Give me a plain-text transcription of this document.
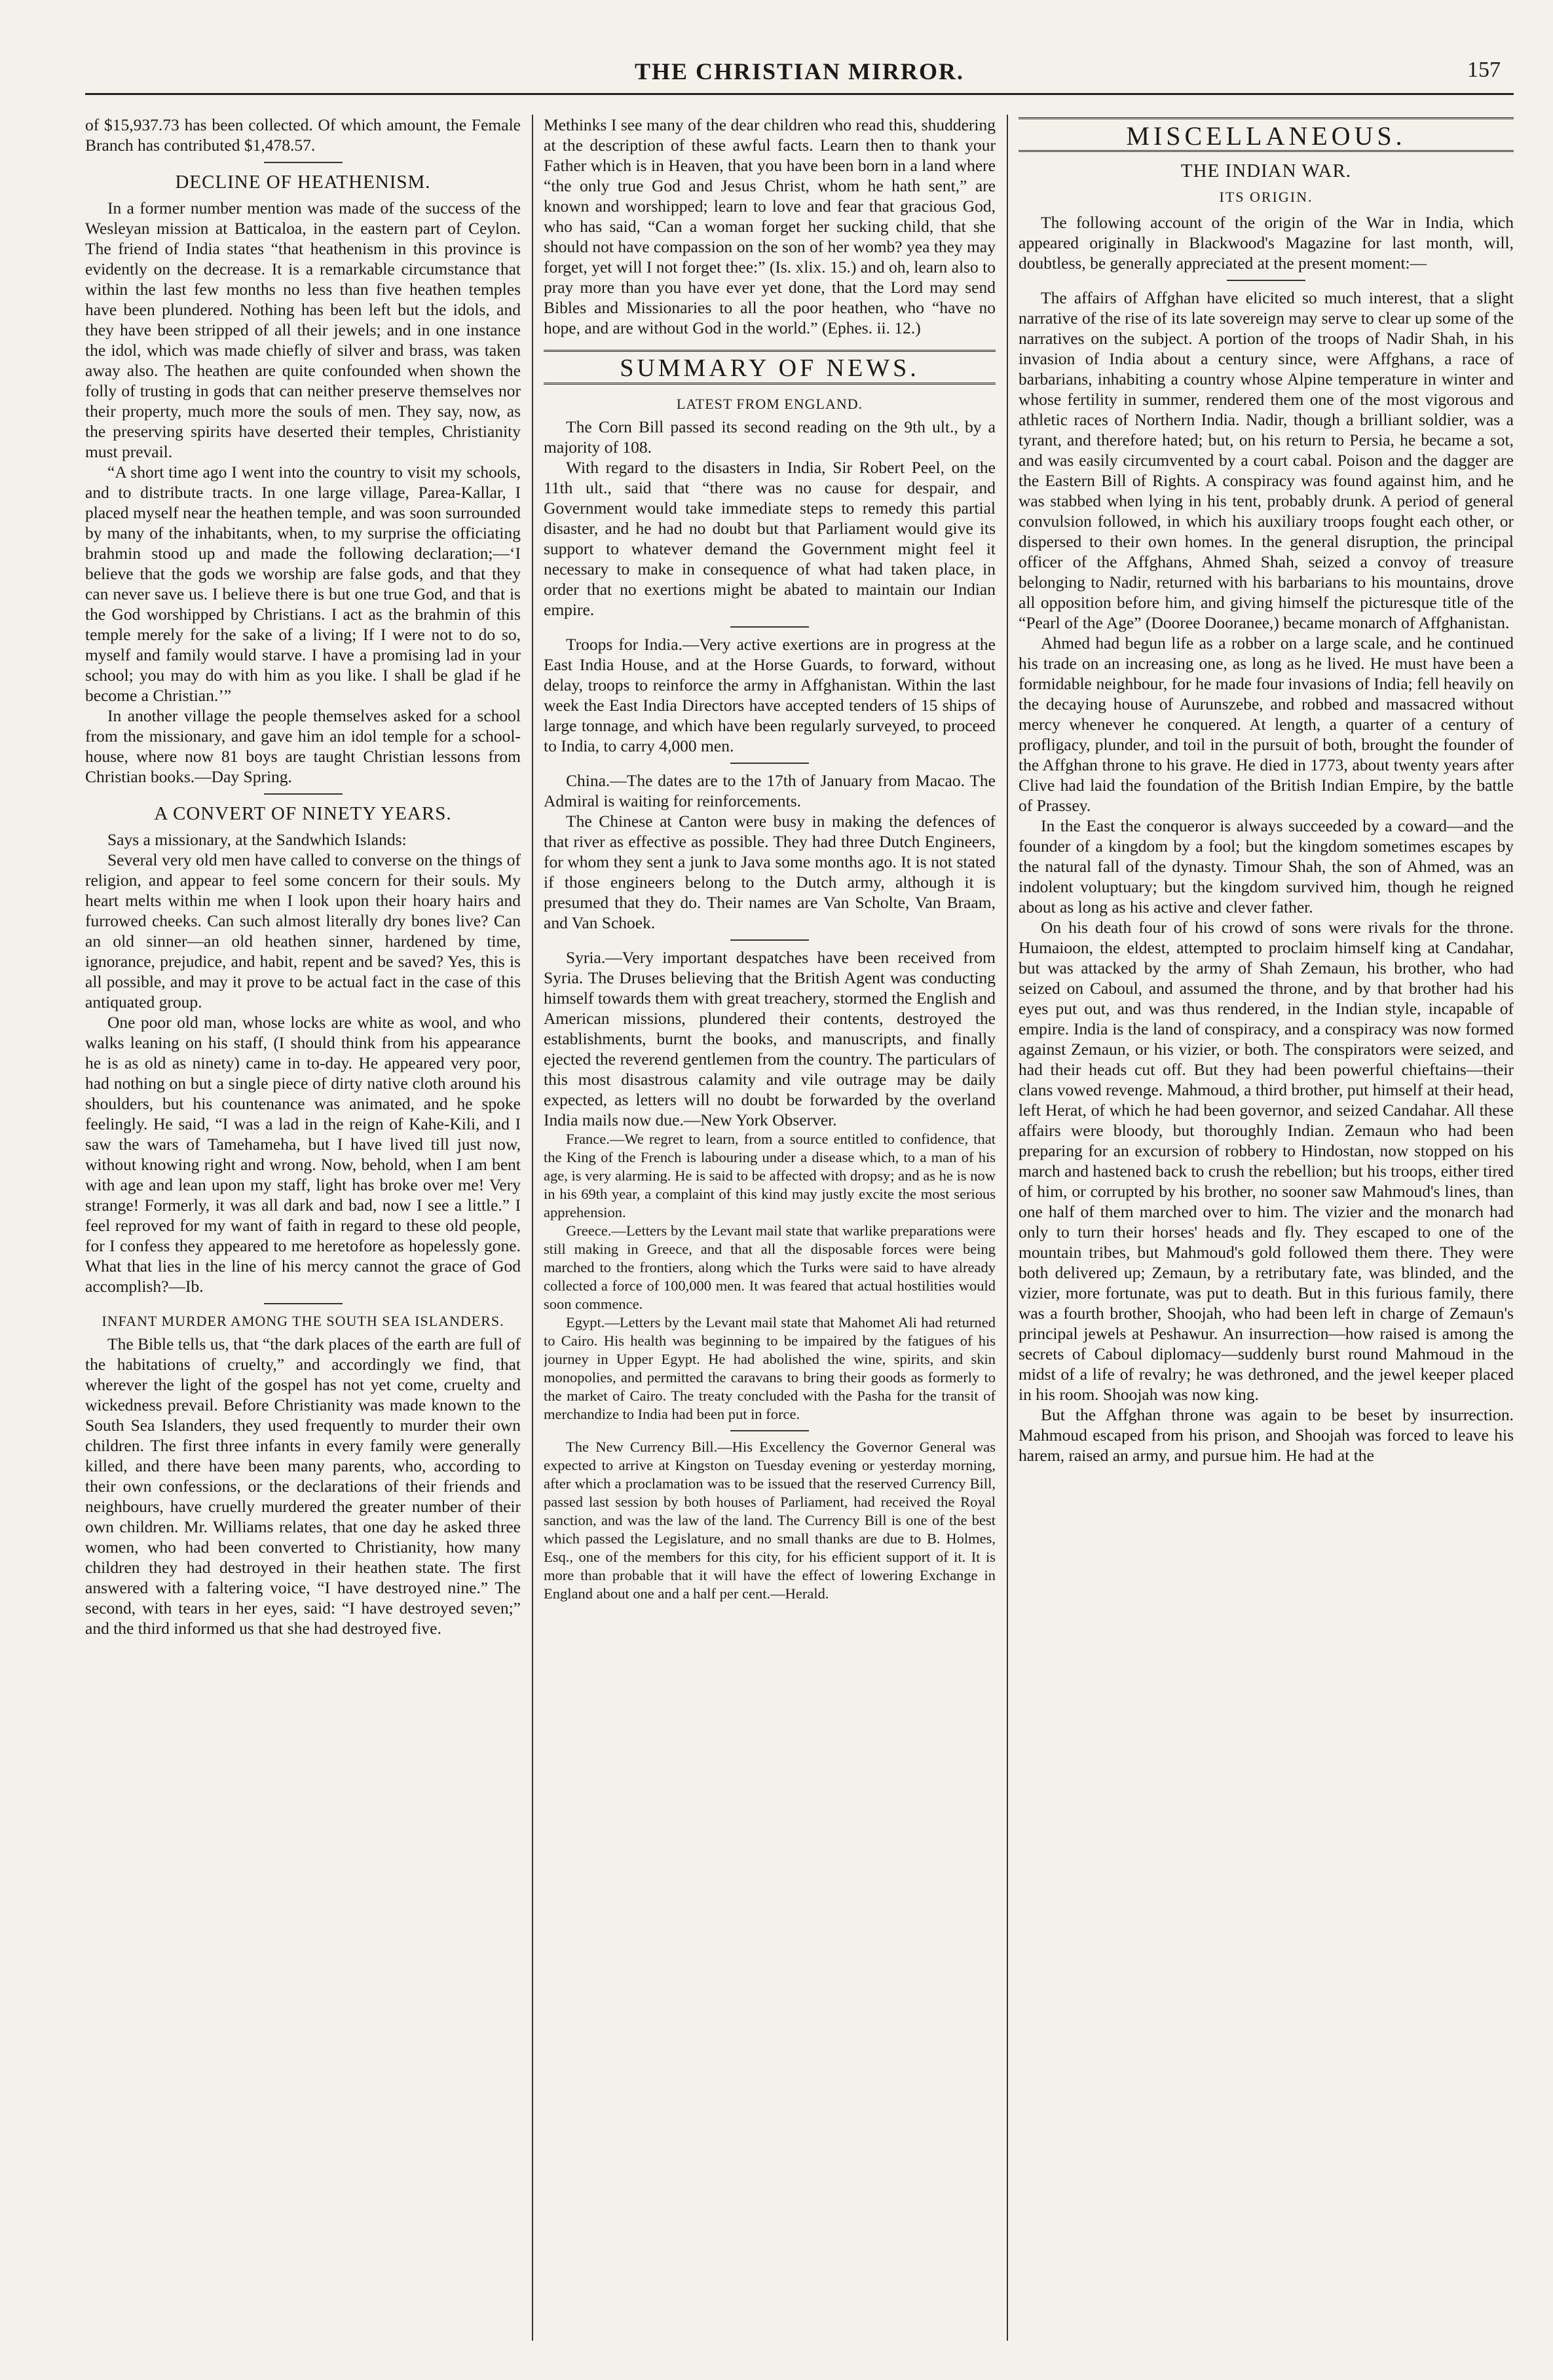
THE CHRISTIAN MIRROR.	157

of $15,937.73 has been collected. Of which amount, the Female Branch has contributed $1,478.57.

DECLINE OF HEATHENISM.

In a former number mention was made of the success of the Wesleyan mission at Batticaloa, in the eastern part of Ceylon. The friend of India states “that heathenism in this province is evidently on the decrease. It is a remarkable circumstance that within the last few months no less than five heathen temples have been plundered. Nothing has been left but the idols, and they have been stripped of all their jewels; and in one instance the idol, which was made chiefly of silver and brass, was taken away also. The heathen are quite confounded when shown the folly of trusting in gods that can neither preserve themselves nor their property, much more the souls of men. They say, now, as the preserving spirits have deserted their temples, Christianity must prevail.

“A short time ago I went into the country to visit my schools, and to distribute tracts. In one large village, Parea-Kallar, I placed myself near the heathen temple, and was soon surrounded by many of the inhabitants, when, to my surprise the officiating brahmin stood up and made the following declaration;—‘I believe that the gods we worship are false gods, and that they can never save us. I believe there is but one true God, and that is the God worshipped by Christians. I act as the brahmin of this temple merely for the sake of a living; If I were not to do so, myself and family would starve. I have a promising lad in your school; you may do with him as you like. I shall be glad if he become a Christian.’”

In another village the people themselves asked for a school from the missionary, and gave him an idol temple for a school-house, where now 81 boys are taught Christian lessons from Christian books.—Day Spring.

A CONVERT OF NINETY YEARS.

Says a missionary, at the Sandwhich Islands:

Several very old men have called to converse on the things of religion, and appear to feel some concern for their souls. My heart melts within me when I look upon their hoary hairs and furrowed cheeks. Can such almost literally dry bones live? Can an old sinner—an old heathen sinner, hardened by time, ignorance, prejudice, and habit, repent and be saved? Yes, this is all possible, and may it prove to be actual fact in the case of this antiquated group.

One poor old man, whose locks are white as wool, and who walks leaning on his staff, (I should think from his appearance he is as old as ninety) came in to-day. He appeared very poor, had nothing on but a single piece of dirty native cloth around his shoulders, but his countenance was animated, and he spoke feelingly. He said, “I was a lad in the reign of Kahe-Kili, and I saw the wars of Tamehameha, but I have lived till just now, without knowing right and wrong. Now, behold, when I am bent with age and lean upon my staff, light has broke over me! Very strange! Formerly, it was all dark and bad, now I see a little.” I feel reproved for my want of faith in regard to these old people, for I confess they appeared to me heretofore as hopelessly gone. What that lies in the line of his mercy cannot the grace of God accomplish?—Ib.

INFANT MURDER AMONG THE SOUTH SEA ISLANDERS.

The Bible tells us, that “the dark places of the earth are full of the habitations of cruelty,” and accordingly we find, that wherever the light of the gospel has not yet come, cruelty and wickedness prevail. Before Christianity was made known to the South Sea Islanders, they used frequently to murder their own children. The first three infants in every family were generally killed, and there have been many parents, who, according to their own confessions, or the declarations of their friends and neighbours, have cruelly murdered the greater number of their own children. Mr. Williams relates, that one day he asked three women, who had been converted to Christianity, how many children they had destroyed in their heathen state. The first answered with a faltering voice, “I have destroyed nine.” The second, with tears in her eyes, said: “I have destroyed seven;” and the third informed us that she had destroyed five.

Methinks I see many of the dear children who read this, shuddering at the description of these awful facts. Learn then to thank your Father which is in Heaven, that you have been born in a land where “the only true God and Jesus Christ, whom he hath sent,” are known and worshipped; learn to love and fear that gracious God, who has said, “Can a woman forget her sucking child, that she should not have compassion on the son of her womb? yea they may forget, yet will I not forget thee:” (Is. xlix. 15.) and oh, learn also to pray more than you have ever yet done, that the Lord may send Bibles and Missionaries to all the poor heathen, who “have no hope, and are without God in the world.” (Ephes. ii. 12.)

SUMMARY OF NEWS.
LATEST FROM ENGLAND.

The Corn Bill passed its second reading on the 9th ult., by a majority of 108.

With regard to the disasters in India, Sir Robert Peel, on the 11th ult., said that “there was no cause for despair, and Government would take immediate steps to remedy this partial disaster, and he had no doubt but that Parliament would give its support to whatever demand the Government might feel it necessary to make in consequence of what had taken place, in order that no exertions might be abated to maintain our Indian empire.

Troops for India.—Very active exertions are in progress at the East India House, and at the Horse Guards, to forward, without delay, troops to reinforce the army in Affghanistan. Within the last week the East India Directors have accepted tenders of 15 ships of large tonnage, and which have been regularly surveyed, to proceed to India, to carry 4,000 men.

China.—The dates are to the 17th of January from Macao. The Admiral is waiting for reinforcements.

The Chinese at Canton were busy in making the defences of that river as effective as possible. They had three Dutch Engineers, for whom they sent a junk to Java some months ago. It is not stated if those engineers belong to the Dutch army, although it is presumed that they do. Their names are Van Scholte, Van Braam, and Van Schoek.

Syria.—Very important despatches have been received from Syria. The Druses believing that the British Agent was conducting himself towards them with great treachery, stormed the English and American missions, plundered their contents, destroyed the establishments, burnt the books, and manuscripts, and finally ejected the reverend gentlemen from the country. The particulars of this most disastrous calamity and vile outrage may be daily expected, as letters will no doubt be forwarded by the overland India mails now due.—New York Observer.

France.—We regret to learn, from a source entitled to confidence, that the King of the French is labouring under a disease which, to a man of his age, is very alarming. He is said to be affected with dropsy; and as he is now in his 69th year, a complaint of this kind may justly excite the most serious apprehension.

Greece.—Letters by the Levant mail state that warlike preparations were still making in Greece, and that all the disposable forces were being marched to the frontiers, along which the Turks were said to have already collected a force of 100,000 men. It was feared that actual hostilities would soon commence.

Egypt.—Letters by the Levant mail state that Mahomet Ali had returned to Cairo. His health was beginning to be impaired by the fatigues of his journey in Upper Egypt. He had abolished the wine, spirits, and skin monopolies, and permitted the caravans to bring their goods as formerly to the market of Cairo. The treaty concluded with the Pasha for the transit of merchandize to India had been put in force.

The New Currency Bill.—His Excellency the Governor General was expected to arrive at Kingston on Tuesday evening or yesterday morning, after which a proclamation was to be issued that the reserved Currency Bill, passed last session by both houses of Parliament, had received the Royal sanction, and was the law of the land. The Currency Bill is one of the best which passed the Legislature, and no small thanks are due to B. Holmes, Esq., one of the members for this city, for his efficient support of it. It is more than probable that it will have the effect of lowering Exchange in England about one and a half per cent.—Herald.

MISCELLANEOUS.
THE INDIAN WAR.
ITS ORIGIN.

The following account of the origin of the War in India, which appeared originally in Blackwood's Magazine for last month, will, doubtless, be generally appreciated at the present moment:—

The affairs of Affghan have elicited so much interest, that a slight narrative of the rise of its late sovereign may serve to clear up some of the narratives on the subject. A portion of the troops of Nadir Shah, in his invasion of India about a century since, were Affghans, a race of barbarians, inhabiting a country whose Alpine temperature in winter and whose fertility in summer, rendered them one of the most vigorous and athletic races of Northern India. Nadir, though a brilliant soldier, was a tyrant, and therefore hated; but, on his return to Persia, he became a sot, and was easily circumvented by a court cabal. Poison and the dagger are the Eastern Bill of Rights. A conspiracy was found against him, and he was stabbed when lying in his tent, probably drunk. A period of general convulsion followed, in which his auxiliary troops fought each other, or dispersed to their own homes. In the general disruption, the principal officer of the Affghans, Ahmed Shah, seized a convoy of treasure belonging to Nadir, returned with his barbarians to his mountains, drove all opposition before him, and giving himself the picturesque title of the “Pearl of the Age” (Dooree Dooranee,) became monarch of Affghanistan.

Ahmed had begun life as a robber on a large scale, and he continued his trade on an increasing one, as long as he lived. He must have been a formidable neighbour, for he made four invasions of India; fell heavily on the decaying house of Aurunszebe, and robbed and massacred without mercy whenever he conquered. At length, a quarter of a century of profligacy, plunder, and toil in the pursuit of both, brought the founder of the Affghan throne to his grave. He died in 1773, about twenty years after Clive had laid the foundation of the British Indian Empire, by the battle of Prassey.

In the East the conqueror is always succeeded by a coward—and the founder of a kingdom by a fool; but the kingdom sometimes escapes by the natural fall of the dynasty. Timour Shah, the son of Ahmed, was an indolent voluptuary; but the kingdom survived him, though he reigned about as long as his active and clever father.

On his death four of his crowd of sons were rivals for the throne. Humaioon, the eldest, attempted to proclaim himself king at Candahar, but was attacked by the army of Shah Zemaun, his brother, who had seized on Caboul, and assumed the throne, and by that brother had his eyes put out, and was thus rendered, in the Indian style, incapable of empire. India is the land of conspiracy, and a conspiracy was now formed against Zemaun, or his vizier, or both. The conspirators were seized, and had their heads cut off. But they had been powerful chieftains—their clans vowed revenge. Mahmoud, a third brother, put himself at their head, left Herat, of which he had been governor, and seized Candahar. All these affairs were bloody, but thoroughly Indian. Zemaun who had been preparing for an excursion of robbery to Hindostan, now stopped on his march and hastened back to crush the rebellion; but his troops, either tired of him, or corrupted by his brother, no sooner saw Mahmoud's lines, than one half of them marched over to him. The vizier and the monarch had only to turn their horses' heads and fly. They escaped to one of the mountain tribes, but Mahmoud's gold followed them there. They were both delivered up; Zemaun, by a retributary fate, was blinded, and the vizier, more fortunate, was put to death. But in this furious family, there was a fourth brother, Shoojah, who had been left in charge of Zemaun's principal jewels at Peshawur. An insurrection—how raised is among the secrets of Caboul diplomacy—suddenly burst round Mahmoud in the midst of a life of revalry; he was dethroned, and the jewel keeper placed in his room. Shoojah was now king.

But the Affghan throne was again to be beset by insurrection. Mahmoud escaped from his prison, and Shoojah was forced to leave his harem, raised an army, and pursue him. He had at the
